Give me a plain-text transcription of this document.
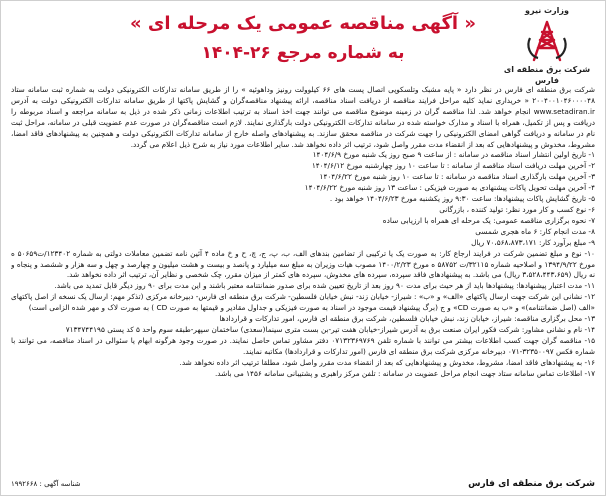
وزارت نیرو
شرکت برق منطقه ای فارس

« آگهی مناقصه عمومی یک مرحله ای »

به شماره مرجع ۲۶-۱۴۰۴

شرکت برق منطقه ای فارس در نظر دارد « پایه مشبک وتلسکوپی اتصال پست های ۶۶ کیلوولت رونیز وداهوئیه » را از طریق سامانه تدارکات الکترونیکی دولت به شماره ثبت سامانه ستاد ۲۰۰۴۰۰۱۰۴۶۰۰۰۰۴۸ « خریداری نماید کلیه مراحل فرایند مناقصه از دریافت اسناد مناقصه، ارائه پیشنهاد مناقصه‌گران و گشایش پاکتها از طریق سامانه تدارکات الکترونیکی دولت به آدرس www.setadiran.ir انجام خواهد شد. لذا مناقصه گران در زمینه موضوع مناقصه می توانند جهت اخذ اسناد به ترتیب اطلاعات زمانی ذکر شده در ذیل به سامانه مراجعه و اسناد مربوطه را دریافت و پس از تکمیل، همراه با اسناد و مدارک خواسته شده در سامانه تدارکات الکترونیکی دولت بارگذاری نمایند. لازم است مناقصه‌گران در صورت عدم عضویت قبلی در سامانه، مراحل ثبت نام در سامانه و دریافت گواهی امضای الکترونیکی را جهت شرکت در مناقصه محقق سازند. به پیشنهادهای واصله خارج از سامانه تدارکات الکترونیکی دولت و همچنین به پیشنهادهای فاقد امضا، مشروط، مخدوش و پیشنهادهایی که بعد از انقضاء مدت مقرر واصل شود، ترتیب اثر داده نخواهد شد. سایر اطلاعات مورد نیاز به شرح ذیل اعلام می گردد.

۱- تاریخ اولین انتشار اسناد مناقصه در سامانه : از ساعت ۹ صبح روز یک شنبه مورخ ۱۴۰۴/۶/۹

۲- آخرین مهلت دریافت اسناد مناقصه از سامانه : تا ساعت ۱۰ روز چهارشنبه مورخ ۱۴۰۴/۶/۱۲

۳- آخرین مهلت بارگذاری اسناد مناقصه در سامانه : تا ساعت ۱۰ روز شنبه مورخ ۱۴۰۴/۶/۲۲

۴- آخرین مهلت تحویل پاکات پیشنهادی به صورت فیزیکی : ساعت ۱۳ روز شنبه مورخ ۱۴۰۴/۶/۲۲

۵- تاریخ گشایش پاکات پیشنهادها: ساعت ۹:۳۰ روز یکشنبه مورخ ۱۴۰۴/۶/۲۳ خواهد بود .

۶- نوع کسب و کار مورد نظر: تولید کننده ، بازرگانی

۷- نحوه برگزاری مناقصه عمومی: یک مرحله ای همراه با ارزیابی ساده

۸- مدت انجام کار: ۶ ماه هجری شمسی

۹- مبلغ برآورد کار: ۷۰،۵۶۸،۸۷۳،۱۷۱ ریال

۱۰- نوع و مبلغ تضمین شرکت در فرایند ارجاع کار: به صورت یک یا ترکیبی از تضامین بندهای الف، ب، پ، ج، چ، ح و خ ماده ۴ آئین نامه تضمین معاملات دولتی به شماره ۱۲۳۴۰۲/ت۵۰۶۵۹ ه مورخ ۱۳۹۴/۹/۲۲ و اصلاحیه شماره ۳۲۱۱۵/ت ۵۸۷۵۲ ه مورخ ۱۴۰۰/۲/۲۳ مصوب هیات وزیران به مبلغ سه میلیارد و پانصد و بیست و هشت میلیون و چهارصد و چهل و سه هزار و ششصد و پنجاه و نه ریال (۳،۵۲۸،۴۴۳،۶۵۹ ریال) می باشد. به پیشنهادهای فاقد سپرده، سپرده های مخدوش، سپرده های کمتر از میزان مقرر، چک شخصی و نظایر آن، ترتیب اثر داده نخواهد شد.

۱۱- مدت اعتبار پیشنهادها: پیشنهادها باید از هر حیث برای مدت ۹۰ روز بعد از تاریخ تعیین شده برای صدور ضمانتنامه معتبر باشند و این مدت برای ۹۰ روز دیگر قابل تمدید می باشد.

۱۲- نشانی این شرکت جهت ارسال پاکتهای «الف» و «ب» : شیراز- خیابان زند- نبش خیابان فلسطین- شرکت برق منطقه ای فارس- دبیرخانه مرکزی (تذکر مهم: ارسال یک نسخه از اصل پاکتهای «الف (اصل ضمانتنامه)» و «ب به صورت CD» و ج (برگ پیشنهاد قیمت موجود در اسناد به صورت فیزیکی و جداول مقادیر و قیمتها به صورت CD ) به صورت لاک و مهر شده الزامی است)

۱۳- محل برگزاری مناقصه: شیراز، خیابان زند، نبش خیابان فلسطین، شرکت برق منطقه ای فارس، امور تدارکات و قراردادها

۱۴- نام و نشانی مشاور: شرکت فکور ایران صنعت برق به آدرس شیراز-خیابان هفت تیر-بن بست متری سینما(سعدی) ساختمان سپهر-طبقه سوم واحد ۵ کد پستی ۷۱۳۴۷۴۴۱۹۵

۱۵- مناقصه گران جهت کسب اطلاعات بیشتر می توانند با شماره تلفن ۰۷۱۳۲۳۶۹۷۶۹ دفتر مشاور تماس حاصل نمایند. در صورت وجود هرگونه ابهام یا سئوالی در اسناد مناقصه، می توانند با شماره فکس ۳۲۳۵۰۰۹۷-۰۷۱ دبیرخانه مرکزی شرکت برق منطقه ای فارس (امور تدارکات و قراردادها) مکاتبه نمایند.

۱۶- به پیشنهادهای فاقد امضا، مشروط، مخدوش و پیشنهادهایی که بعد از انقضاء مدت مقرر واصل شود، مطلقا ترتیب اثر داده نخواهد شد.

۱۷- اطلاعات تماس سامانه ستاد جهت انجام مراحل عضویت در سامانه : تلفن مرکز راهبری و پشتیبانی سامانه ۱۴۵۶ می باشد.

شرکت برق منطقه ای فارس
شناسه آگهی : ۱۹۹۲۶۶۸
